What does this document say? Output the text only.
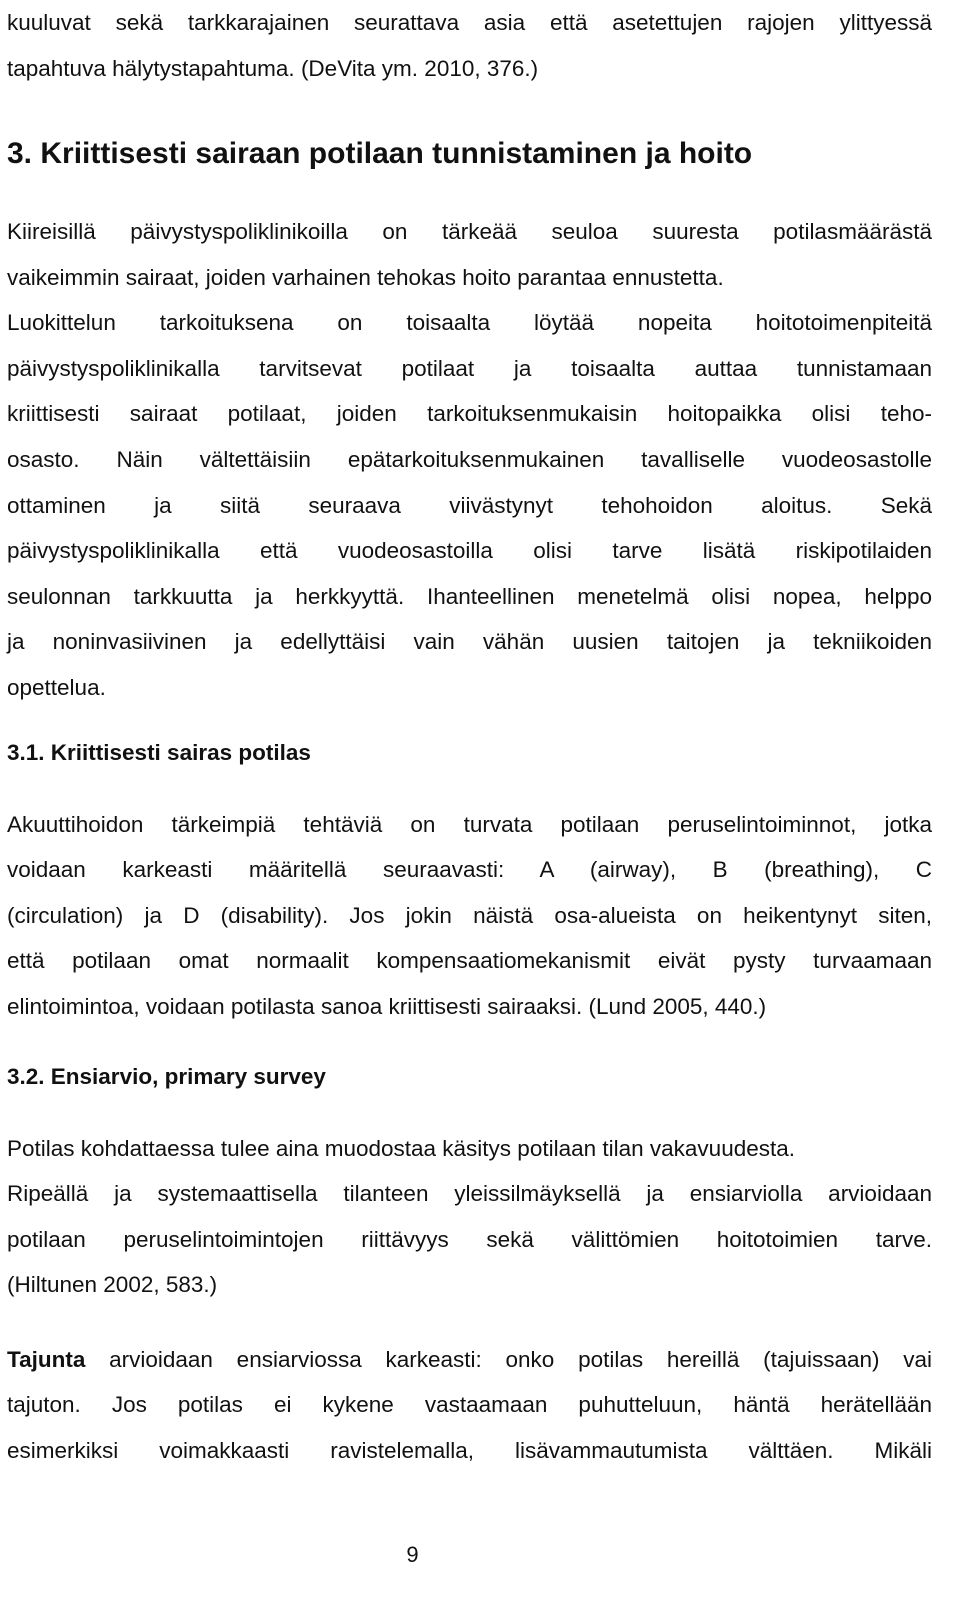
kuuluvat sekä tarkkarajainen seurattava asia että asetettujen rajojen ylittyessä
tapahtuva hälytystapahtuma. (DeVita ym. 2010, 376.)
3. Kriittisesti sairaan potilaan tunnistaminen ja hoito
Kiireisillä päivystyspoliklinikoilla on tärkeää seuloa suuresta potilasmäärästä
vaikeimmin sairaat, joiden varhainen tehokas hoito parantaa ennustetta.
Luokittelun tarkoituksena on toisaalta löytää nopeita hoitotoimenpiteitä
päivystyspoliklinikalla tarvitsevat potilaat ja toisaalta auttaa tunnistamaan
kriittisesti sairaat potilaat, joiden tarkoituksenmukaisin hoitopaikka olisi teho-
osasto. Näin vältettäisiin epätarkoituksenmukainen tavalliselle vuodeosastolle
ottaminen ja siitä seuraava viivästynyt tehohoidon aloitus. Sekä
päivystyspoliklinikalla että vuodeosastoilla olisi tarve lisätä riskipotilaiden
seulonnan tarkkuutta ja herkkyyttä. Ihanteellinen menetelmä olisi nopea, helppo
ja noninvasiivinen ja edellyttäisi vain vähän uusien taitojen ja tekniikoiden
opettelua.
3.1. Kriittisesti sairas potilas
Akuuttihoidon tärkeimpiä tehtäviä on turvata potilaan peruselintoiminnot, jotka
voidaan karkeasti määritellä seuraavasti: A (airway), B (breathing), C
(circulation) ja D (disability). Jos jokin näistä osa-alueista on heikentynyt siten,
että potilaan omat normaalit kompensaatiomekanismit eivät pysty turvaamaan
elintoimintoa, voidaan potilasta sanoa kriittisesti sairaaksi. (Lund 2005, 440.)
3.2. Ensiarvio, primary survey
Potilas kohdattaessa tulee aina muodostaa käsitys potilaan tilan vakavuudesta.
Ripeällä ja systemaattisella tilanteen yleissilmäyksellä ja ensiarviolla arvioidaan
potilaan peruselintoimintojen riittävyys sekä välittömien hoitotoimien tarve.
(Hiltunen 2002, 583.)
Tajunta arvioidaan ensiarviossa karkeasti: onko potilas hereillä (tajuissaan) vai
tajuton. Jos potilas ei kykene vastaamaan puhutteluun, häntä herätellään
esimerkiksi voimakkaasti ravistelemalla, lisävammautumista välttäen. Mikäli
9
